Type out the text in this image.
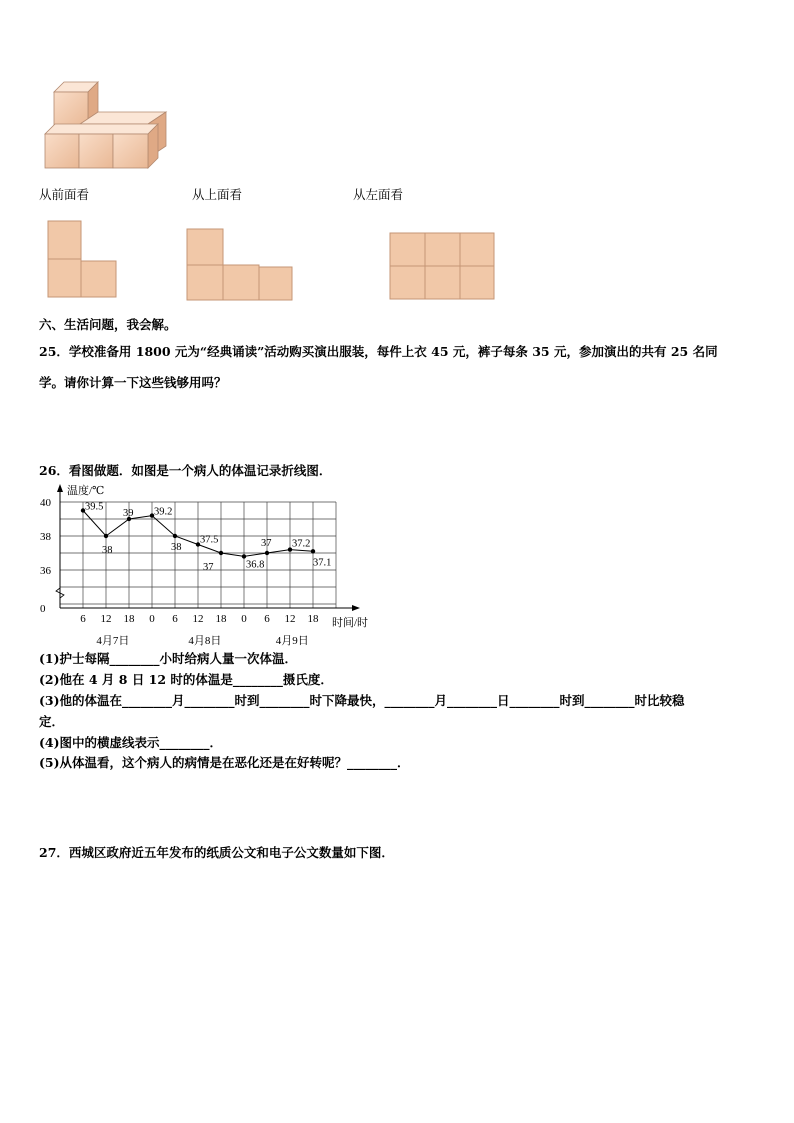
从前面看	从上面看	从左面看
六、生活问题，我会解。
25．学校准备用 1800 元为“经典诵读”活动购买演出服装，每件上衣 45 元，裤子每条 35 元，参加演出的共有 25 名同
学。请你计算一下这些钱够用吗？
26．看图做题．如图是一个病人的体温记录折线图．
温度/℃
时间/时
40
38
36
0
6 12 18 0 6 12 18 0 6 12 18
4月7日	4月8日	4月9日
39.5
38
39 39.2
38
37.5
37	36.8
37 37.2
37.1
(1)护士每隔________小时给病人量一次体温．
(2)他在 4 月 8 日 12 时的体温是________摄氏度．
(3)他的体温在________月________时到________时下降最快，________月________日________时到________时比较稳
定．
(4)图中的横虚线表示________．
(5)从体温看，这个病人的病情是在恶化还是在好转呢？________．
27．西城区政府近五年发布的纸质公文和电子公文数量如下图．
